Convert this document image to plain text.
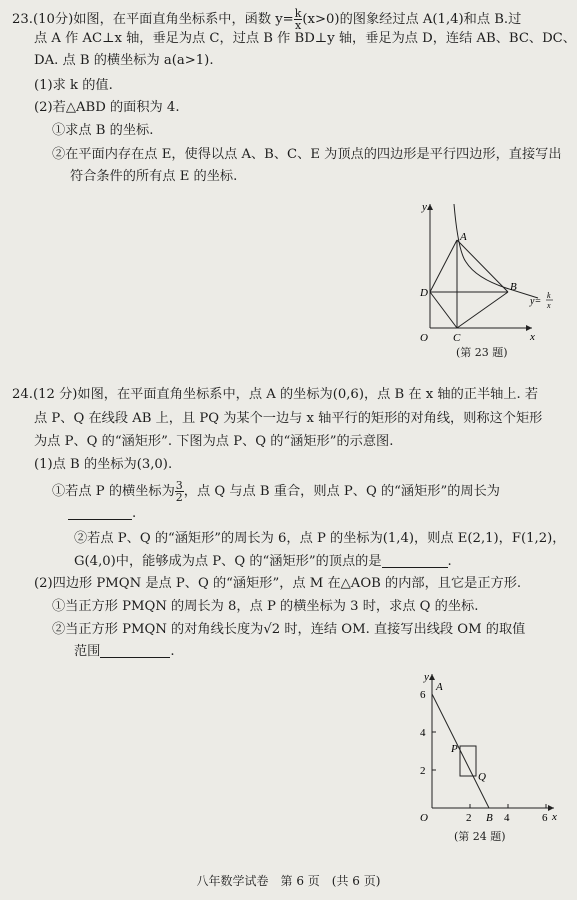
23.(10分)如图，在平面直角坐标系中，函数 $y= \frac{k}{x} (x>0)$的图象经过点 A(1,4)和点 B.过
点 A 作 AC⊥x 轴，垂足为点 C，过点 B 作 BD⊥y 轴，垂足为点 D，连结 AB、BC、DC、
DA. 点 B 的横坐标为 a(a>1).
(1)求 k 的值.
(2)若△ABD 的面积为 4.
①求点 B 的坐标.
②在平面内存在点 E，使得以点 A、B、C、E 为顶点的四边形是平行四边形，直接写出
符合条件的所有点 E 的坐标.
y
x
A
B
C
D
O
y=
k
x
(第 23 题)
24.(12 分)如图，在平面直角坐标系中，点 A 的坐标为(0,6)，点 B 在 x 轴的正半轴上. 若
点 P、Q 在线段 AB 上，且 PQ 为某个一边与 x 轴平行的矩形的对角线，则称这个矩形
为点 P、Q 的“涵矩形”. 下图为点 P、Q 的“涵矩形”的示意图.
(1)点 B 的坐标为(3,0).
①若点 P 的横坐标为 $\frac{3}{2}$ ，点 Q 与点 B 重合，则点 P、Q 的“涵矩形”的周长为
.
②若点 P、Q 的“涵矩形”的周长为 6，点 P 的坐标为(1,4)，则点 E(2,1)，F(1,2)，
G(4,0)中，能够成为点 P、Q 的“涵矩形”的顶点的是	.
(2)四边形 PMQN 是点 P、Q 的“涵矩形”，点 M 在△AOB 的内部，且它是正方形.
①当正方形 PMQN 的周长为 8，点 P 的横坐标为 3 时，求点 Q 的坐标.
②当正方形 PMQN 的对角线长度为√2 时，连结 OM. 直接写出线段 OM 的取值
范围	.
y
x
A
B
P
Q
O	2	4	6
2
4
6
(第 24 题)
八年数学试卷　第 6 页　(共 6 页)
